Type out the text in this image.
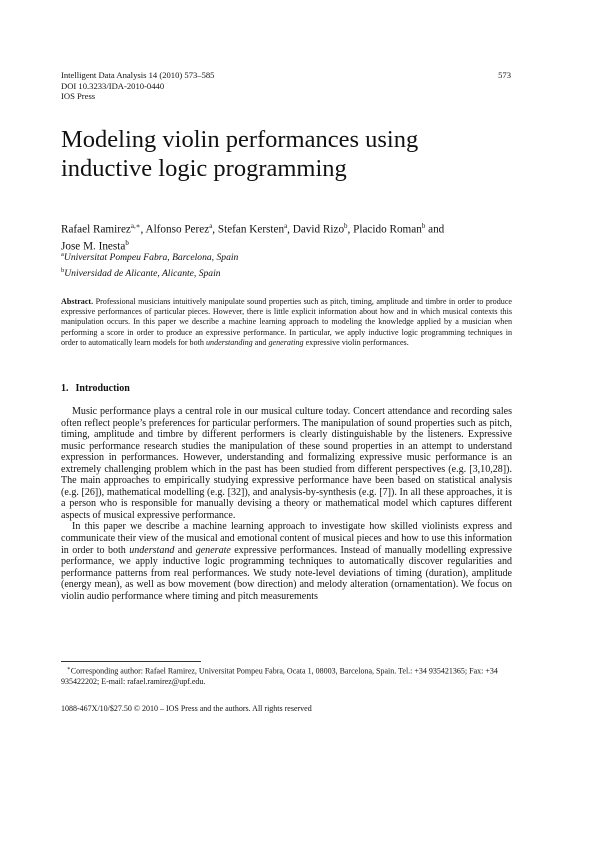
Intelligent Data Analysis 14 (2010) 573–585
DOI 10.3233/IDA-2010-0440
IOS Press
573
Modeling violin performances using
inductive logic programming
Rafael Ramirez$^{a,∗}$, Alfonso Perez$^a$, Stefan Kersten$^a$, David Rizo$^b$, Placido Roman$^b$ and
Jose M. Inesta$^b$
$^a$Universitat Pompeu Fabra, Barcelona, Spain
$^b$Universidad de Alicante, Alicante, Spain
Abstract. Professional musicians intuitively manipulate sound properties such as pitch, timing, amplitude and timbre in order to produce expressive performances of particular pieces. However, there is little explicit information about how and in which musical contexts this manipulation occurs. In this paper we describe a machine learning approach to modeling the knowledge applied by a musician when performing a score in order to produce an expressive performance. In particular, we apply inductive logic programming techniques in order to automatically learn models for both understanding and generating expressive violin performances.
1. Introduction

Music performance plays a central role in our musical culture today. Concert attendance and recording sales often reflect people’s preferences for particular performers. The manipulation of sound properties such as pitch, timing, amplitude and timbre by different performers is clearly distinguishable by the listeners. Expressive music performance research studies the manipulation of these sound properties in an attempt to understand expression in performances. However, understanding and formalizing expressive music performance is an extremely challenging problem which in the past has been studied from different perspectives (e.g. [3,10,28]). The main approaches to empirically studying expressive performance have been based on statistical analysis (e.g. [26]), mathematical modelling (e.g. [32]), and analysis-by-synthesis (e.g. [7]). In all these approaches, it is a person who is responsible for manually devising a theory or mathematical model which captures different aspects of musical expressive performance.

In this paper we describe a machine learning approach to investigate how skilled violinists express and communicate their view of the musical and emotional content of musical pieces and how to use this information in order to both understand and generate expressive performances. Instead of manually modelling expressive performance, we apply inductive logic programming techniques to automatically discover regularities and performance patterns from real performances. We study note-level deviations of timing (duration), amplitude (energy mean), as well as bow movement (bow direction) and melody alteration (ornamentation). We focus on violin audio performance where timing and pitch measurements

∗Corresponding author: Rafael Ramirez, Universitat Pompeu Fabra, Ocata 1, 08003, Barcelona, Spain. Tel.: +34 935421365; Fax: +34 935422202; E-mail: rafael.ramirez@upf.edu.
1088-467X/10/$27.50 © 2010 – IOS Press and the authors. All rights reserved
